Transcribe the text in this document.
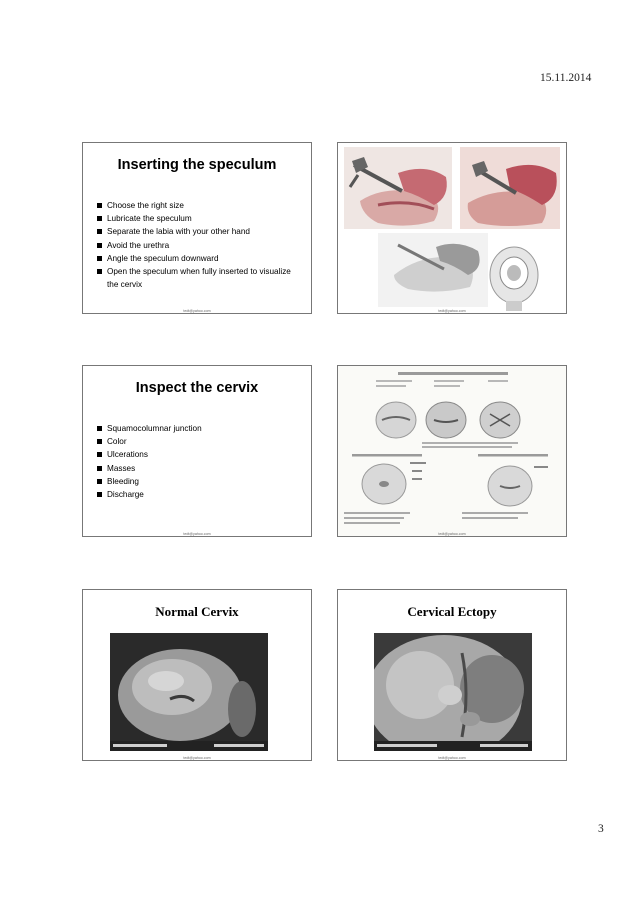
15.11.2014
Inserting the speculum
Choose the right size
Lubricate the speculum
Separate the labia with your other hand
Avoid the urethra
Angle the speculum downward
Open the speculum when fully inserted to visualize the cervix
tedt@yahoo.com	tedt@yahoo.com
Inspect the cervix
Squamocolumnar junction
Color
Ulcerations
Masses
Bleeding
Discharge
tedt@yahoo.com	tedt@yahoo.com
Normal Cervix
tedt@yahoo.com
Cervical Ectopy
tedt@yahoo.com
3
